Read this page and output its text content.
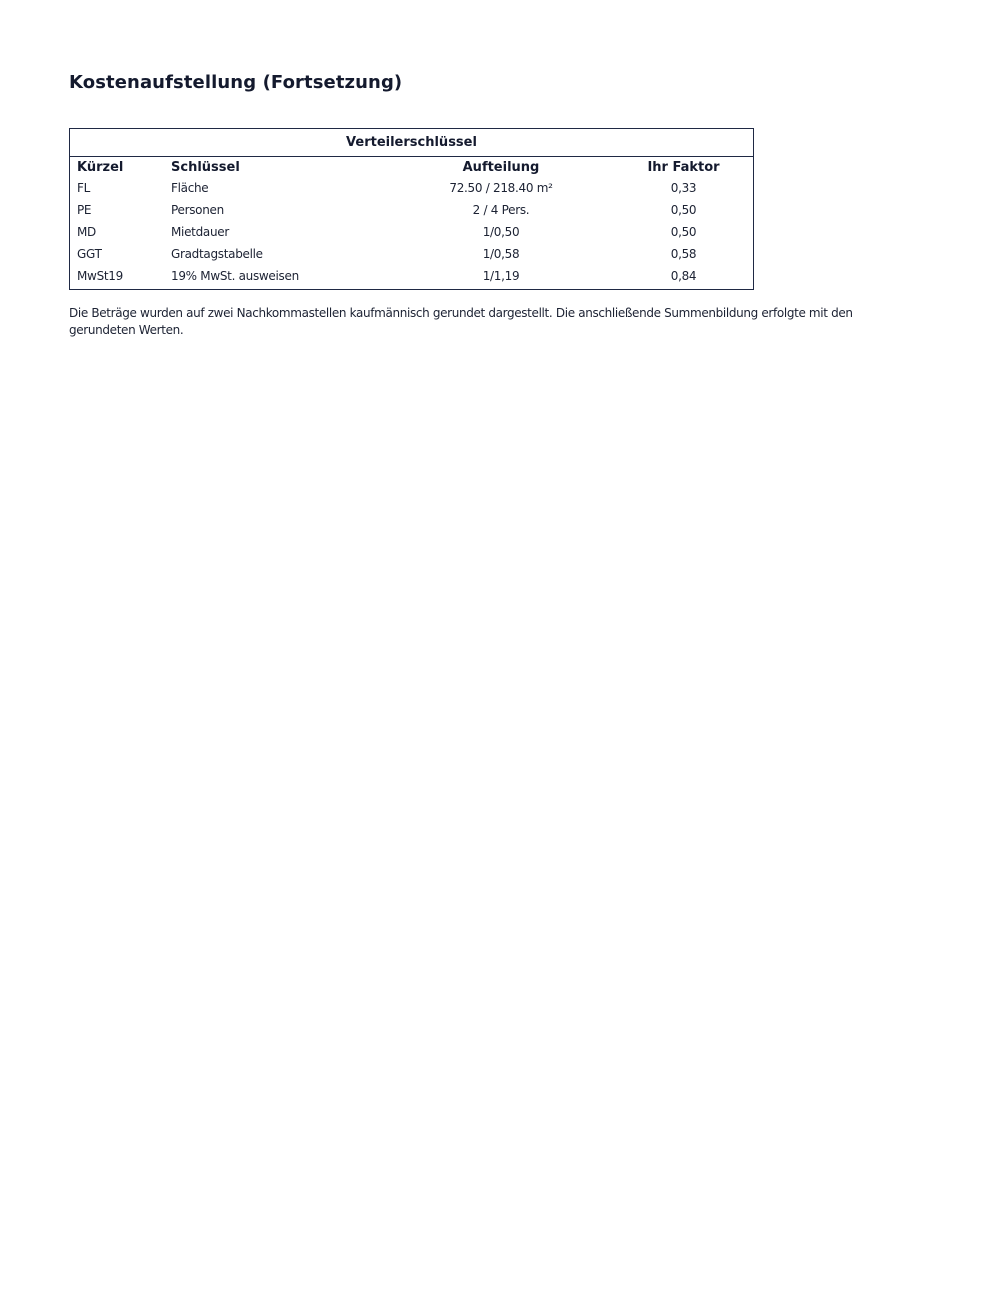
Kostenaufstellung (Fortsetzung)
Verteilerschlüssel
Kürzel	Schlüssel	Aufteilung	Ihr Faktor
FL	Fläche	72.50 / 218.40 m²	0,33
PE	Personen	2 / 4 Pers.	0,50
MD	Mietdauer	1/0,50	0,50
GGT	Gradtagstabelle	1/0,58	0,58
MwSt19	19% MwSt. ausweisen	1/1,19	0,84

Die Beträge wurden auf zwei Nachkommastellen kaufmännisch gerundet dargestellt. Die anschließende Summenbildung erfolgte mit den gerundeten Werten.
